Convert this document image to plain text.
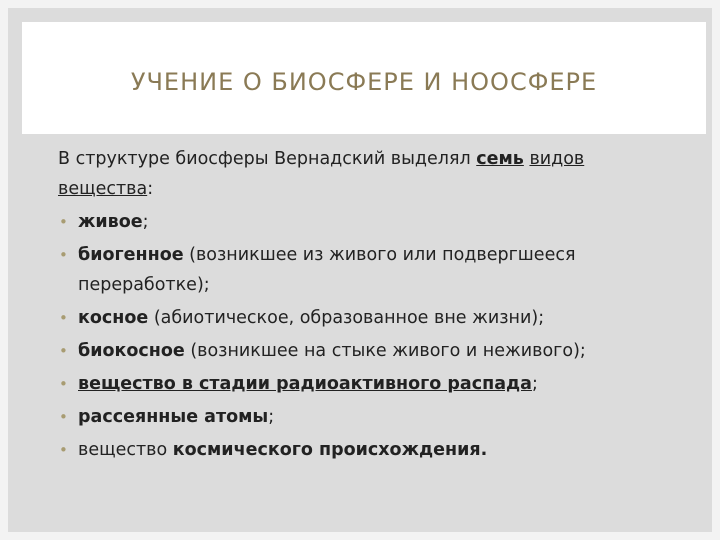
УЧЕНИЕ О БИОСФЕРЕ И НООСФЕРЕ

В структуре биосферы Вернадский выделял семь видов
вещества:

• живое;
• биогенное (возникшее из живого или подвергшееся переработке);
• косное (абиотическое, образованное вне жизни);
• биокосное (возникшее на стыке живого и неживого);
• вещество в стадии радиоактивного распада;
• рассеянные атомы;
• вещество космического происхождения.
